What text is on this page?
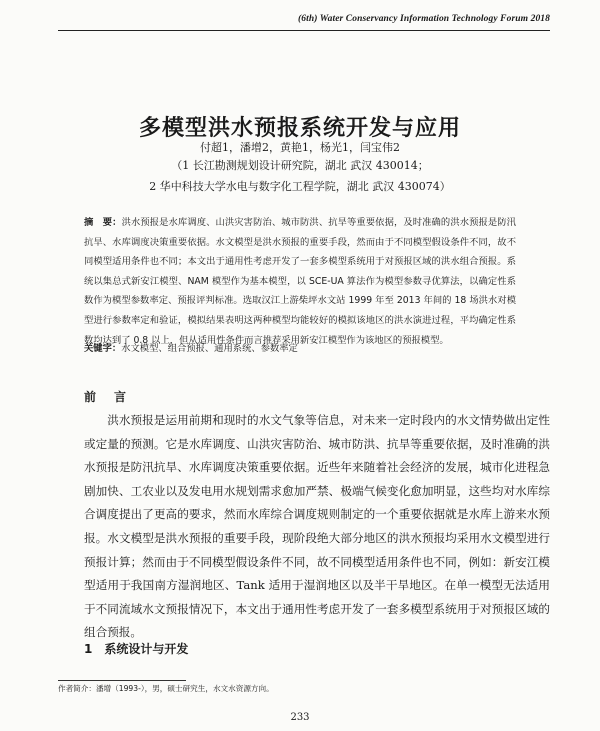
(6th) Water Conservancy Information Technology Forum 2018
多模型洪水预报系统开发与应用
付超1，潘增2，黄艳1，杨光1，闫宝伟2
（1 长江勘测规划设计研究院，湖北 武汉 430014；
2 华中科技大学水电与数字化工程学院，湖北 武汉 430074）
摘　要：洪水预报是水库调度、山洪灾害防治、城市防洪、抗旱等重要依据，及时准确的洪水预报是防汛抗旱、水库调度决策重要依据。水文模型是洪水预报的重要手段，然而由于不同模型假设条件不同，故不同模型适用条件也不同；本文出于通用性考虑开发了一套多模型系统用于对预报区域的洪水组合预报。系统以集总式新安江模型、NAM 模型作为基本模型，以 SCE-UA 算法作为模型参数寻优算法，以确定性系数作为模型参数率定、预报评判标准。选取汉江上游柴坪水文站 1999 年至 2013 年间的 18 场洪水对模型进行参数率定和验证，模拟结果表明这两种模型均能较好的模拟该地区的洪水演进过程，平均确定性系数均达到了 0.8 以上，但从适用性条件而言推荐采用新安江模型作为该地区的预报模型。
关键字：水文模型、组合预报、通用系统、参数率定
前　言
洪水预报是运用前期和现时的水文气象等信息，对未来一定时段内的水文情势做出定性或定量的预测。它是水库调度、山洪灾害防治、城市防洪、抗旱等重要依据，及时准确的洪水预报是防汛抗旱、水库调度决策重要依据。近些年来随着社会经济的发展，城市化进程急剧加快、工农业以及发电用水规划需求愈加严禁、极端气候变化愈加明显，这些均对水库综合调度提出了更高的要求，然而水库综合调度规则制定的一个重要依据就是水库上游来水预报。水文模型是洪水预报的重要手段，现阶段绝大部分地区的洪水预报均采用水文模型进行预报计算；然而由于不同模型假设条件不同，故不同模型适用条件也不同，例如：新安江模型适用于我国南方湿润地区、Tank 适用于湿润地区以及半干旱地区。在单一模型无法适用于不同流域水文预报情况下，本文出于通用性考虑开发了一套多模型系统用于对预报区域的组合预报。
1 系统设计与开发
作者简介：潘增（1993-），男，硕士研究生，水文水资源方向。
233
